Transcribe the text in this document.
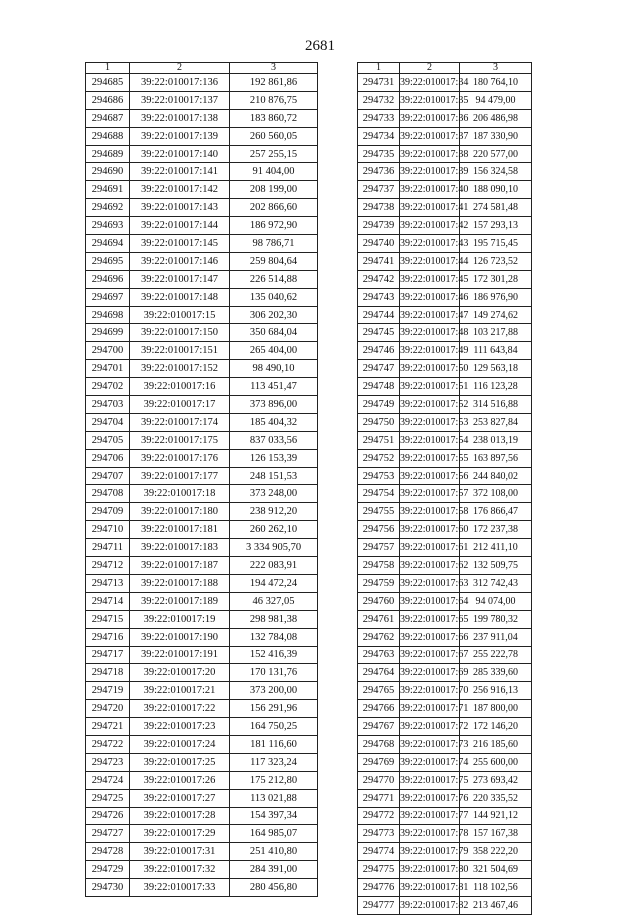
2681
1	2	3
294685	39:22:010017:136	192 861,86
294686	39:22:010017:137	210 876,75
294687	39:22:010017:138	183 860,72
294688	39:22:010017:139	260 560,05
294689	39:22:010017:140	257 255,15
294690	39:22:010017:141	91 404,00
294691	39:22:010017:142	208 199,00
294692	39:22:010017:143	202 866,60
294693	39:22:010017:144	186 972,90
294694	39:22:010017:145	98 786,71
294695	39:22:010017:146	259 804,64
294696	39:22:010017:147	226 514,88
294697	39:22:010017:148	135 040,62
294698	39:22:010017:15	306 202,30
294699	39:22:010017:150	350 684,04
294700	39:22:010017:151	265 404,00
294701	39:22:010017:152	98 490,10
294702	39:22:010017:16	113 451,47
294703	39:22:010017:17	373 896,00
294704	39:22:010017:174	185 404,32
294705	39:22:010017:175	837 033,56
294706	39:22:010017:176	126 153,39
294707	39:22:010017:177	248 151,53
294708	39:22:010017:18	373 248,00
294709	39:22:010017:180	238 912,20
294710	39:22:010017:181	260 262,10
294711	39:22:010017:183	3 334 905,70
294712	39:22:010017:187	222 083,91
294713	39:22:010017:188	194 472,24
294714	39:22:010017:189	46 327,05
294715	39:22:010017:19	298 981,38
294716	39:22:010017:190	132 784,08
294717	39:22:010017:191	152 416,39
294718	39:22:010017:20	170 131,76
294719	39:22:010017:21	373 200,00
294720	39:22:010017:22	156 291,96
294721	39:22:010017:23	164 750,25
294722	39:22:010017:24	181 116,60
294723	39:22:010017:25	117 323,24
294724	39:22:010017:26	175 212,80
294725	39:22:010017:27	113 021,88
294726	39:22:010017:28	154 397,34
294727	39:22:010017:29	164 985,07
294728	39:22:010017:31	251 410,80
294729	39:22:010017:32	284 391,00
294730	39:22:010017:33	280 456,80
1	2	3
294731	39:22:010017:34	180 764,10
294732	39:22:010017:35	94 479,00
294733	39:22:010017:36	206 486,98
294734	39:22:010017:37	187 330,90
294735	39:22:010017:38	220 577,00
294736	39:22:010017:39	156 324,58
294737	39:22:010017:40	188 090,10
294738	39:22:010017:41	274 581,48
294739	39:22:010017:42	157 293,13
294740	39:22:010017:43	195 715,45
294741	39:22:010017:44	126 723,52
294742	39:22:010017:45	172 301,28
294743	39:22:010017:46	186 976,90
294744	39:22:010017:47	149 274,62
294745	39:22:010017:48	103 217,88
294746	39:22:010017:49	111 643,84
294747	39:22:010017:50	129 563,18
294748	39:22:010017:51	116 123,28
294749	39:22:010017:52	314 516,88
294750	39:22:010017:53	253 827,84
294751	39:22:010017:54	238 013,19
294752	39:22:010017:55	163 897,56
294753	39:22:010017:56	244 840,02
294754	39:22:010017:57	372 108,00
294755	39:22:010017:58	176 866,47
294756	39:22:010017:60	172 237,38
294757	39:22:010017:61	212 411,10
294758	39:22:010017:62	132 509,75
294759	39:22:010017:63	312 742,43
294760	39:22:010017:64	94 074,00
294761	39:22:010017:65	199 780,32
294762	39:22:010017:66	237 911,04
294763	39:22:010017:67	255 222,78
294764	39:22:010017:69	285 339,60
294765	39:22:010017:70	256 916,13
294766	39:22:010017:71	187 800,00
294767	39:22:010017:72	172 146,20
294768	39:22:010017:73	216 185,60
294769	39:22:010017:74	255 600,00
294770	39:22:010017:75	273 693,42
294771	39:22:010017:76	220 335,52
294772	39:22:010017:77	144 921,12
294773	39:22:010017:78	157 167,38
294774	39:22:010017:79	358 222,20
294775	39:22:010017:80	321 504,69
294776	39:22:010017:81	118 102,56
294777	39:22:010017:82	213 467,46
